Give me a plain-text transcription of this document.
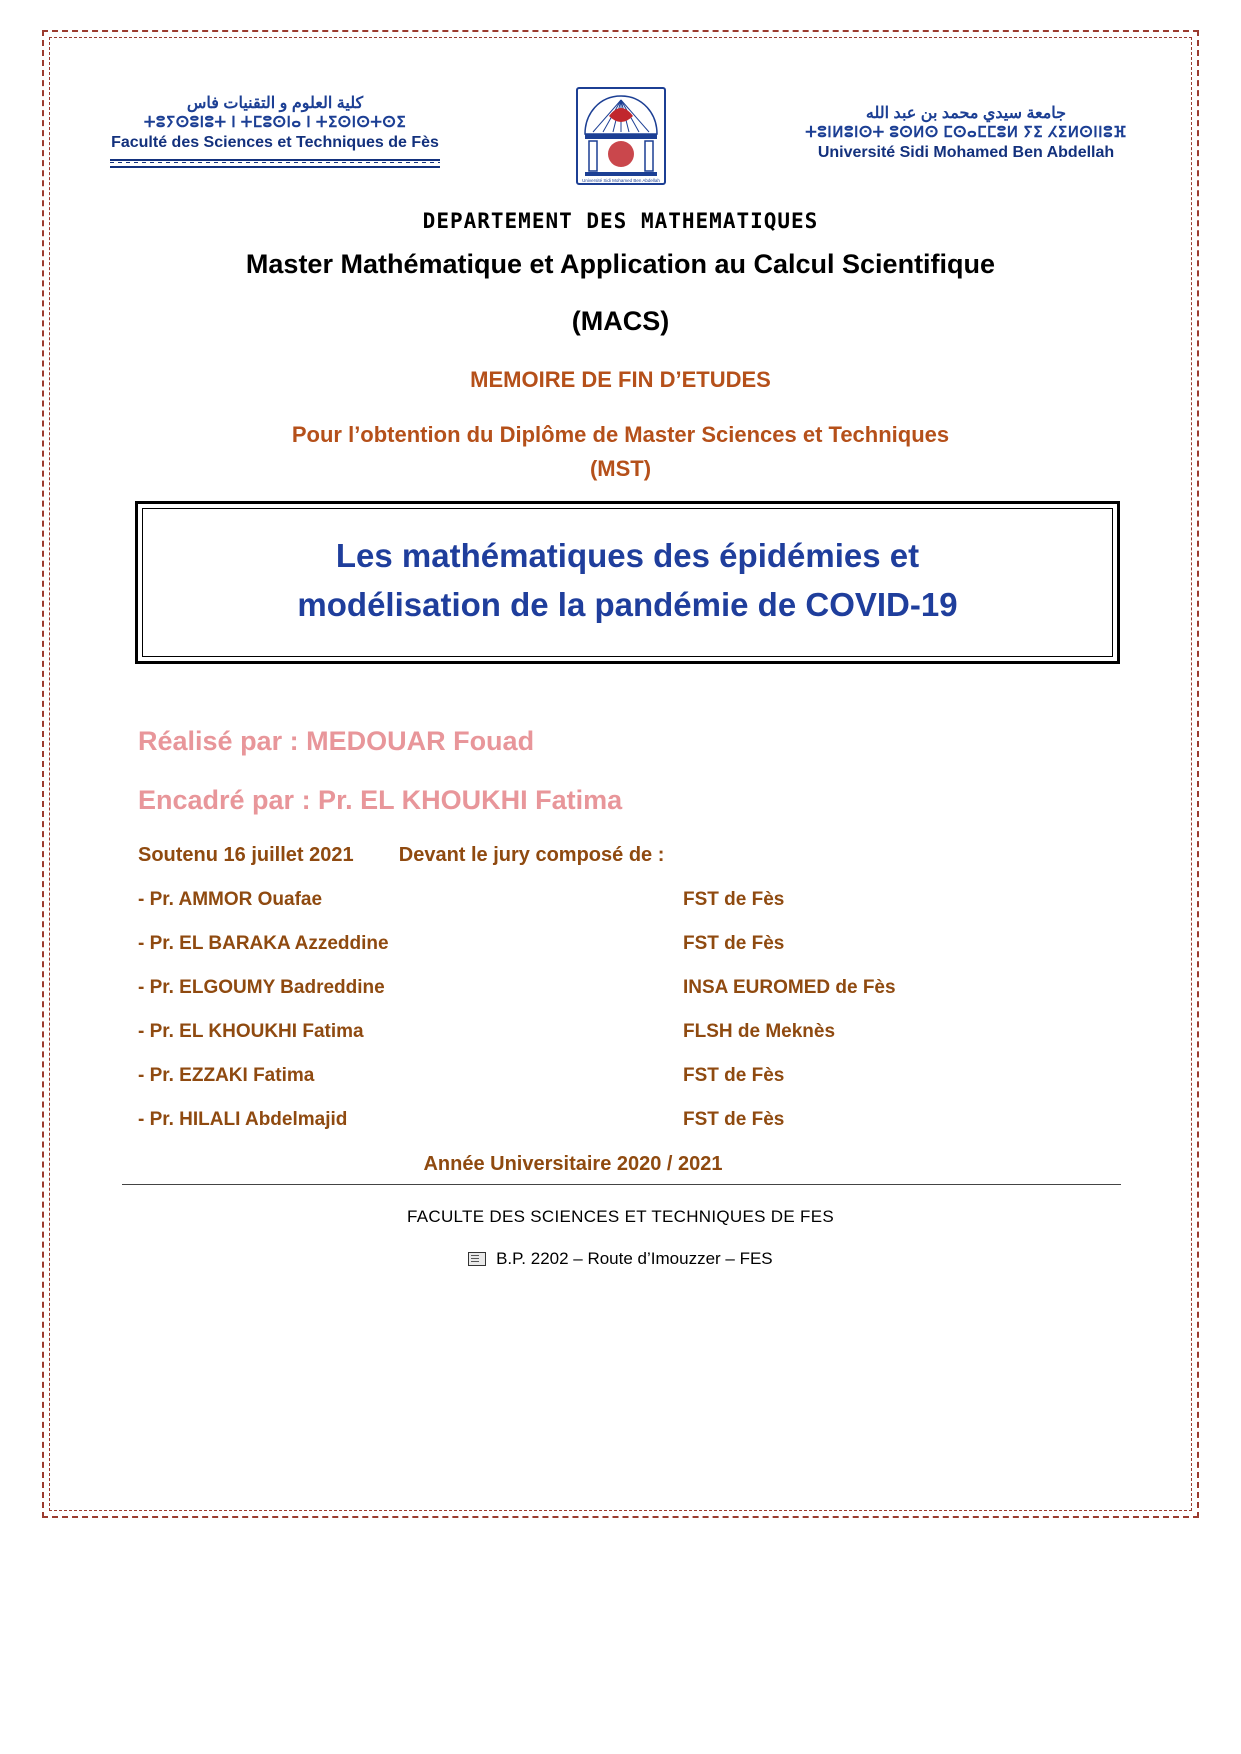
كلية العلوم و التقنيات فاس
ⵜⵓⵢⵙⵓⵏⵓⵜ Ⅰ ⵜⵎⵓⵙⵏⴰ ⵏ ⵜⵉⵙⵏⵙⵜⵙⵉ
Faculté des Sciences et Techniques de Fès
Université Sidi Mohamed Ben Abdellah
جامعة سيدي محمد بن عبد الله
ⵜⵓⵏⵍⵓⵏⵙⵜ ⵓⵙⵍⵙ ⵎⵙⴰⵎⵎⵓⵍ ⵢⵉ ⵃⵉⵍⵙⵏⵏⵓⴼ
Université Sidi Mohamed Ben Abdellah
DEPARTEMENT DES MATHEMATIQUES
Master Mathématique et Application au Calcul Scientifique
(MACS)
MEMOIRE DE FIN D’ETUDES
Pour l’obtention du Diplôme de Master Sciences et Techniques
(MST)
Les mathématiques des épidémies et
modélisation de la pandémie de COVID-19
Réalisé par : MEDOUAR Fouad
Encadré par : Pr. EL KHOUKHI Fatima
Soutenu 16 juillet 2021 Devant le jury composé de :
- Pr. AMMOR Ouafae	FST de Fès
- Pr. EL BARAKA Azzeddine	FST de Fès
- Pr. ELGOUMY Badreddine	INSA EUROMED de Fès
- Pr. EL KHOUKHI Fatima	FLSH de Meknès
- Pr. EZZAKI Fatima	FST de Fès
- Pr. HILALI Abdelmajid	FST de Fès
Année Universitaire 2020 / 2021
FACULTE DES SCIENCES ET TECHNIQUES DE FES
B.P. 2202 – Route d’Imouzzer – FES
